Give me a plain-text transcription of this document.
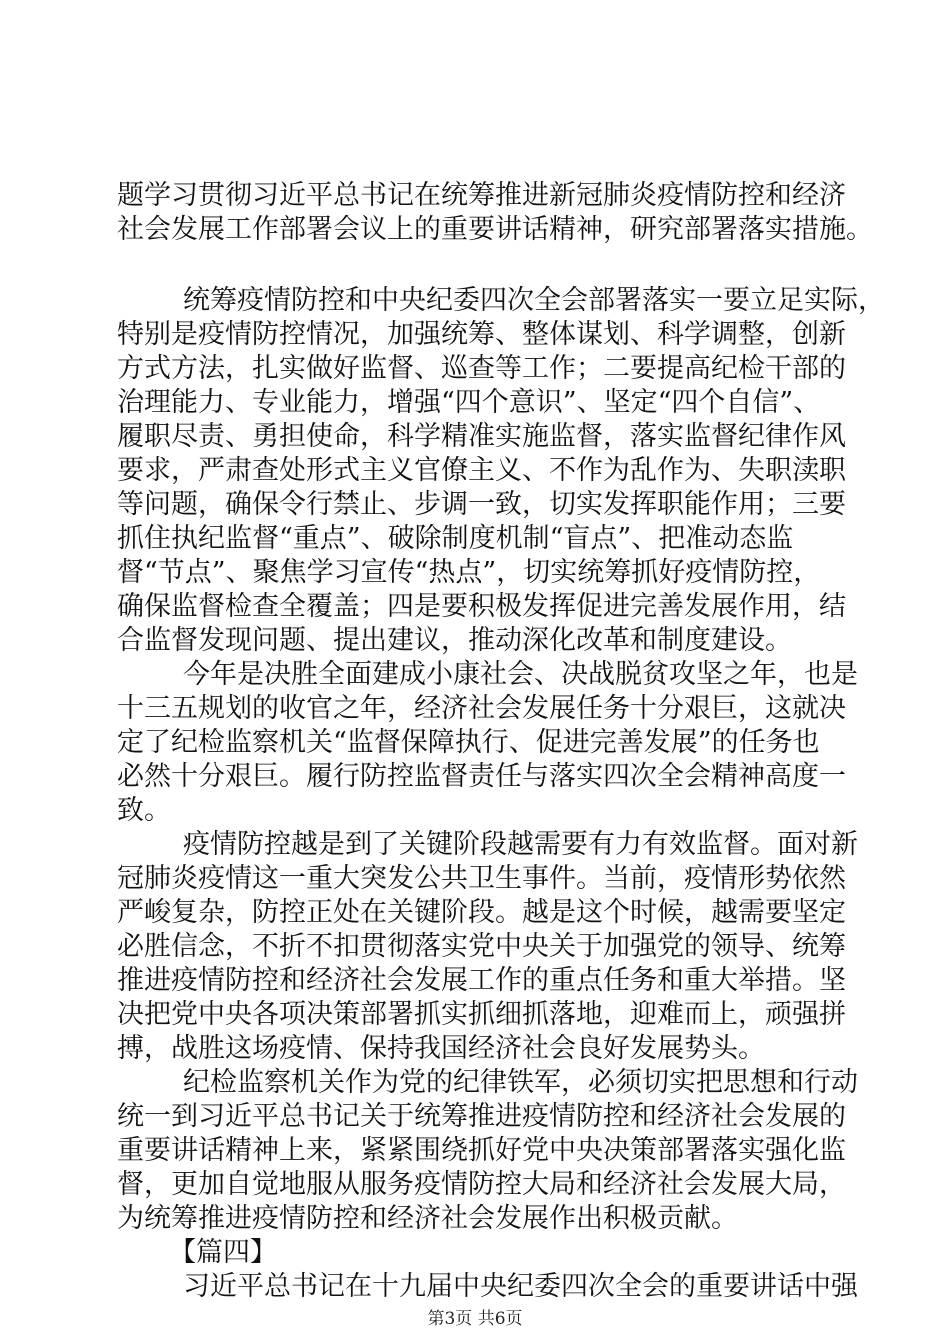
题学习贯彻习近平总书记在统筹推进新冠肺炎疫情防控和经济
社会发展工作部署会议上的重要讲话精神，研究部署落实措施。
统筹疫情防控和中央纪委四次全会部署落实一要立足实际，
特别是疫情防控情况，加强统筹、整体谋划、科学调整，创新
方式方法，扎实做好监督、巡查等工作；二要提高纪检干部的
治理能力、专业能力，增强“四个意识”、坚定“四个自信”、
履职尽责、勇担使命，科学精准实施监督，落实监督纪律作风
要求，严肃查处形式主义官僚主义、不作为乱作为、失职渎职
等问题，确保令行禁止、步调一致，切实发挥职能作用；三要
抓住执纪监督“重点”、破除制度机制“盲点”、把准动态监
督“节点”、聚焦学习宣传“热点”，切实统筹抓好疫情防控，
确保监督检查全覆盖；四是要积极发挥促进完善发展作用，结
合监督发现问题、提出建议，推动深化改革和制度建设。
今年是决胜全面建成小康社会、决战脱贫攻坚之年，也是
十三五规划的收官之年，经济社会发展任务十分艰巨，这就决
定了纪检监察机关“监督保障执行、促进完善发展”的任务也
必然十分艰巨。履行防控监督责任与落实四次全会精神高度一
致。
疫情防控越是到了关键阶段越需要有力有效监督。面对新
冠肺炎疫情这一重大突发公共卫生事件。当前，疫情形势依然
严峻复杂，防控正处在关键阶段。越是这个时候，越需要坚定
必胜信念，不折不扣贯彻落实党中央关于加强党的领导、统筹
推进疫情防控和经济社会发展工作的重点任务和重大举措。坚
决把党中央各项决策部署抓实抓细抓落地，迎难而上，顽强拼
搏，战胜这场疫情、保持我国经济社会良好发展势头。
纪检监察机关作为党的纪律铁军，必须切实把思想和行动
统一到习近平总书记关于统筹推进疫情防控和经济社会发展的
重要讲话精神上来，紧紧围绕抓好党中央决策部署落实强化监
督，更加自觉地服从服务疫情防控大局和经济社会发展大局，
为统筹推进疫情防控和经济社会发展作出积极贡献。
【篇四】
习近平总书记在十九届中央纪委四次全会的重要讲话中强
第3页 共6页
